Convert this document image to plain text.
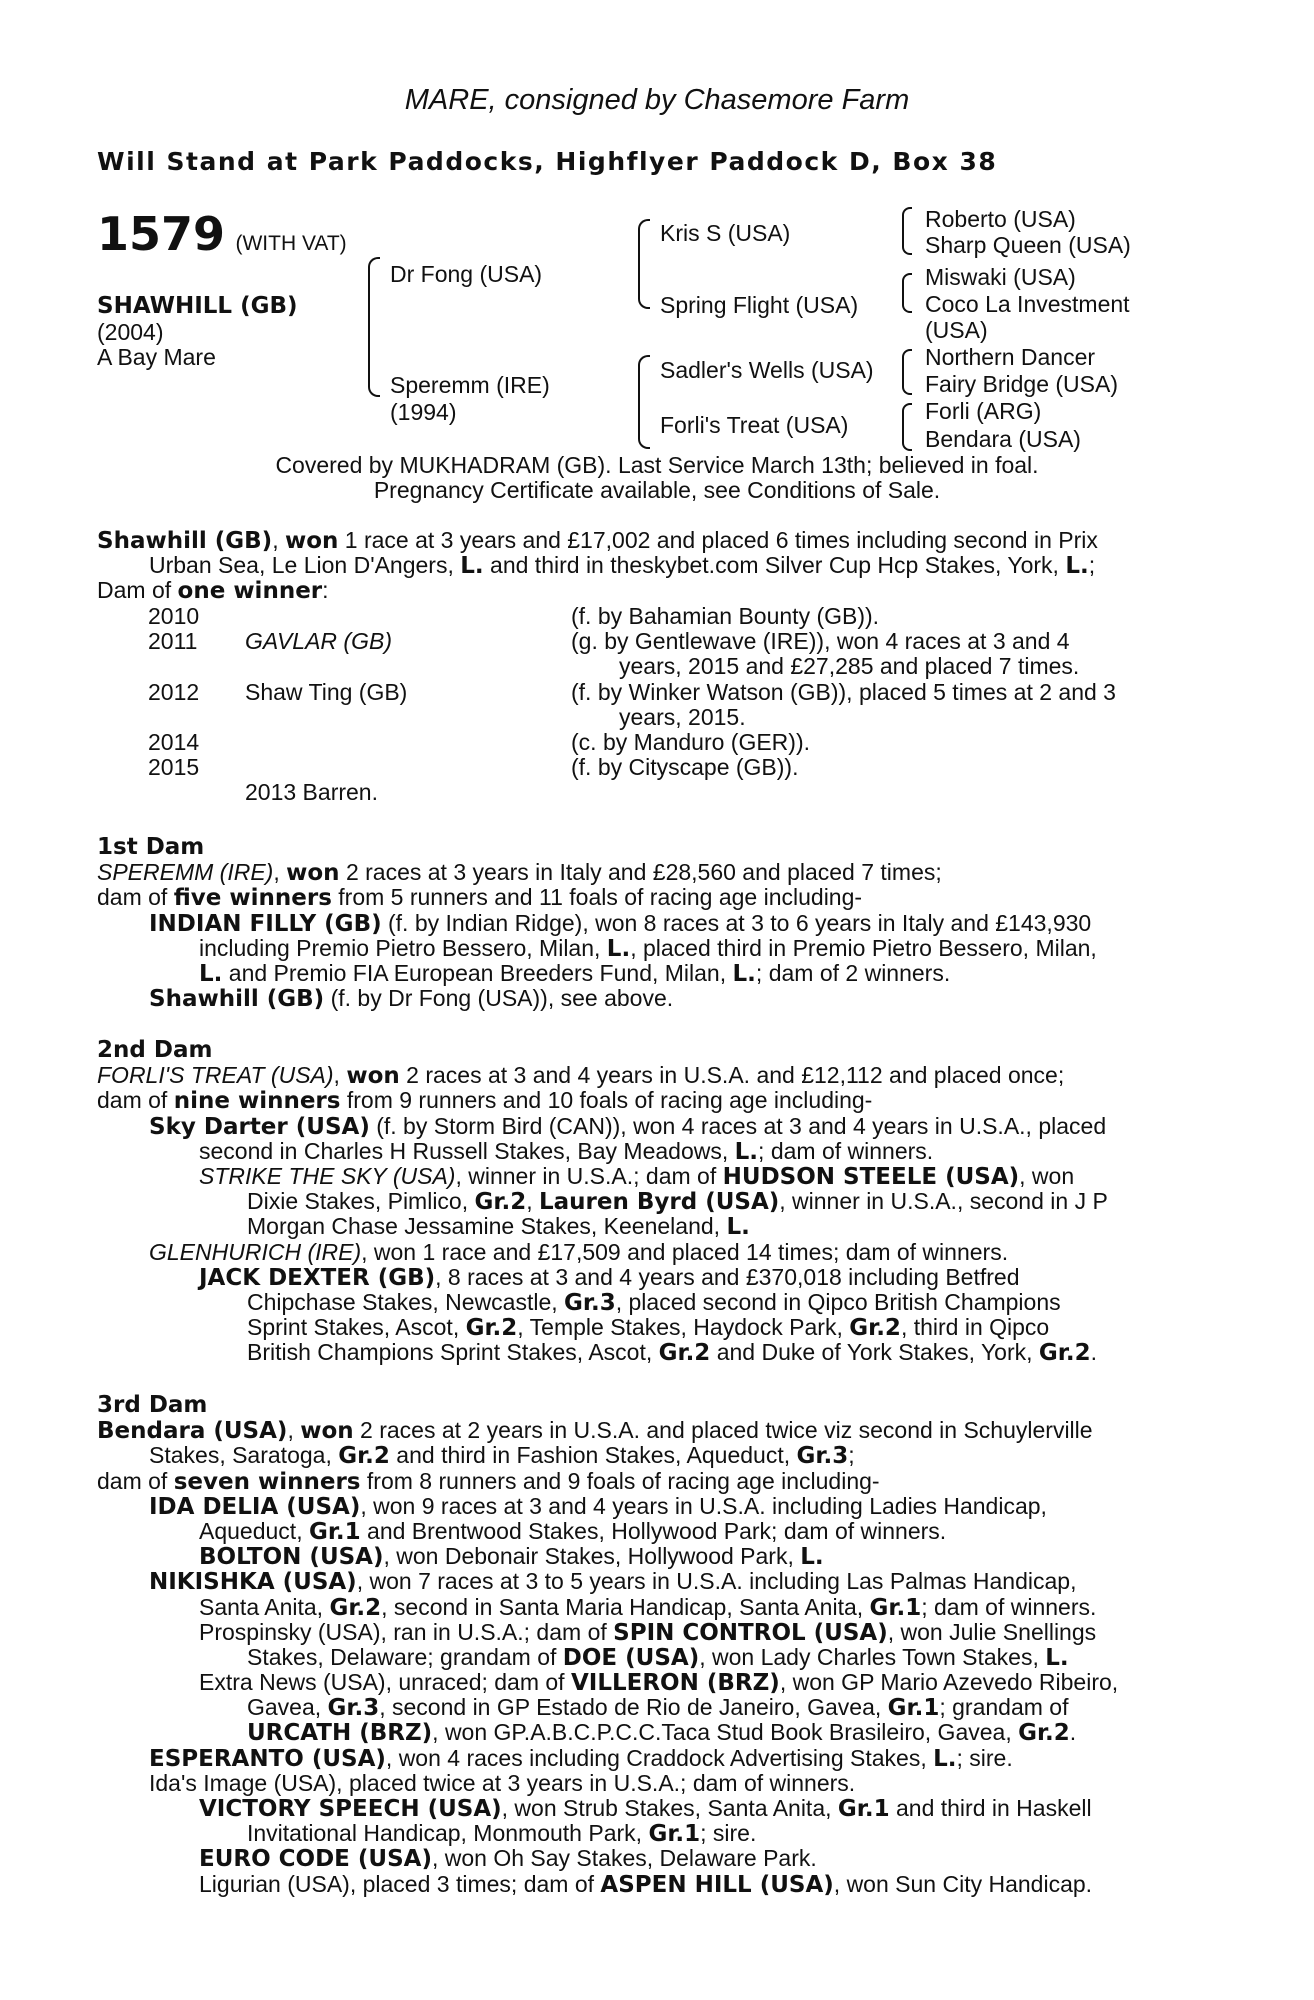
MARE, consigned by Chasemore Farm
Will Stand at Park Paddocks, Highflyer Paddock D, Box 38
1579 (WITH VAT)
SHAWHILL (GB)
(2004)
A Bay Mare
Dr Fong (USA)
Speremm (IRE)
(1994)
Kris S (USA)
Spring Flight (USA)
Sadler's Wells (USA)
Forli's Treat (USA)
Roberto (USA)
Sharp Queen (USA)
Miswaki (USA)
Coco La Investment
(USA)
Northern Dancer
Fairy Bridge (USA)
Forli (ARG)
Bendara (USA)
Covered by MUKHADRAM (GB). Last Service March 13th; believed in foal.
Pregnancy Certificate available, see Conditions of Sale.
Shawhill (GB), won 1 race at 3 years and £17,002 and placed 6 times including second in Prix
Urban Sea, Le Lion D'Angers, L. and third in theskybet.com Silver Cup Hcp Stakes, York, L.;
Dam of one winner:
2010		(f. by Bahamian Bounty (GB)).
2011	GAVLAR (GB)	(g. by Gentlewave (IRE)), won 4 races at 3 and 4
		years, 2015 and £27,285 and placed 7 times.
2012	Shaw Ting (GB)	(f. by Winker Watson (GB)), placed 5 times at 2 and 3
		years, 2015.
2014		(c. by Manduro (GER)).
2015		(f. by Cityscape (GB)).
	2013 Barren.	
1st Dam
SPEREMM (IRE), won 2 races at 3 years in Italy and £28,560 and placed 7 times;
dam of five winners from 5 runners and 11 foals of racing age including-
INDIAN FILLY (GB) (f. by Indian Ridge), won 8 races at 3 to 6 years in Italy and £143,930
including Premio Pietro Bessero, Milan, L., placed third in Premio Pietro Bessero, Milan,
L. and Premio FIA European Breeders Fund, Milan, L.; dam of 2 winners.
Shawhill (GB) (f. by Dr Fong (USA)), see above.
2nd Dam
FORLI'S TREAT (USA), won 2 races at 3 and 4 years in U.S.A. and £12,112 and placed once;
dam of nine winners from 9 runners and 10 foals of racing age including-
Sky Darter (USA) (f. by Storm Bird (CAN)), won 4 races at 3 and 4 years in U.S.A., placed
second in Charles H Russell Stakes, Bay Meadows, L.; dam of winners.
STRIKE THE SKY (USA), winner in U.S.A.; dam of HUDSON STEELE (USA), won
Dixie Stakes, Pimlico, Gr.2, Lauren Byrd (USA), winner in U.S.A., second in J P
Morgan Chase Jessamine Stakes, Keeneland, L.
GLENHURICH (IRE), won 1 race and £17,509 and placed 14 times; dam of winners.
JACK DEXTER (GB), 8 races at 3 and 4 years and £370,018 including Betfred
Chipchase Stakes, Newcastle, Gr.3, placed second in Qipco British Champions
Sprint Stakes, Ascot, Gr.2, Temple Stakes, Haydock Park, Gr.2, third in Qipco
British Champions Sprint Stakes, Ascot, Gr.2 and Duke of York Stakes, York, Gr.2.
3rd Dam
Bendara (USA), won 2 races at 2 years in U.S.A. and placed twice viz second in Schuylerville
Stakes, Saratoga, Gr.2 and third in Fashion Stakes, Aqueduct, Gr.3;
dam of seven winners from 8 runners and 9 foals of racing age including-
IDA DELIA (USA), won 9 races at 3 and 4 years in U.S.A. including Ladies Handicap,
Aqueduct, Gr.1 and Brentwood Stakes, Hollywood Park; dam of winners.
BOLTON (USA), won Debonair Stakes, Hollywood Park, L.
NIKISHKA (USA), won 7 races at 3 to 5 years in U.S.A. including Las Palmas Handicap,
Santa Anita, Gr.2, second in Santa Maria Handicap, Santa Anita, Gr.1; dam of winners.
Prospinsky (USA), ran in U.S.A.; dam of SPIN CONTROL (USA), won Julie Snellings
Stakes, Delaware; grandam of DOE (USA), won Lady Charles Town Stakes, L.
Extra News (USA), unraced; dam of VILLERON (BRZ), won GP Mario Azevedo Ribeiro,
Gavea, Gr.3, second in GP Estado de Rio de Janeiro, Gavea, Gr.1; grandam of
URCATH (BRZ), won GP.A.B.C.P.C.C.Taca Stud Book Brasileiro, Gavea, Gr.2.
ESPERANTO (USA), won 4 races including Craddock Advertising Stakes, L.; sire.
Ida's Image (USA), placed twice at 3 years in U.S.A.; dam of winners.
VICTORY SPEECH (USA), won Strub Stakes, Santa Anita, Gr.1 and third in Haskell
Invitational Handicap, Monmouth Park, Gr.1; sire.
EURO CODE (USA), won Oh Say Stakes, Delaware Park.
Ligurian (USA), placed 3 times; dam of ASPEN HILL (USA), won Sun City Handicap.
